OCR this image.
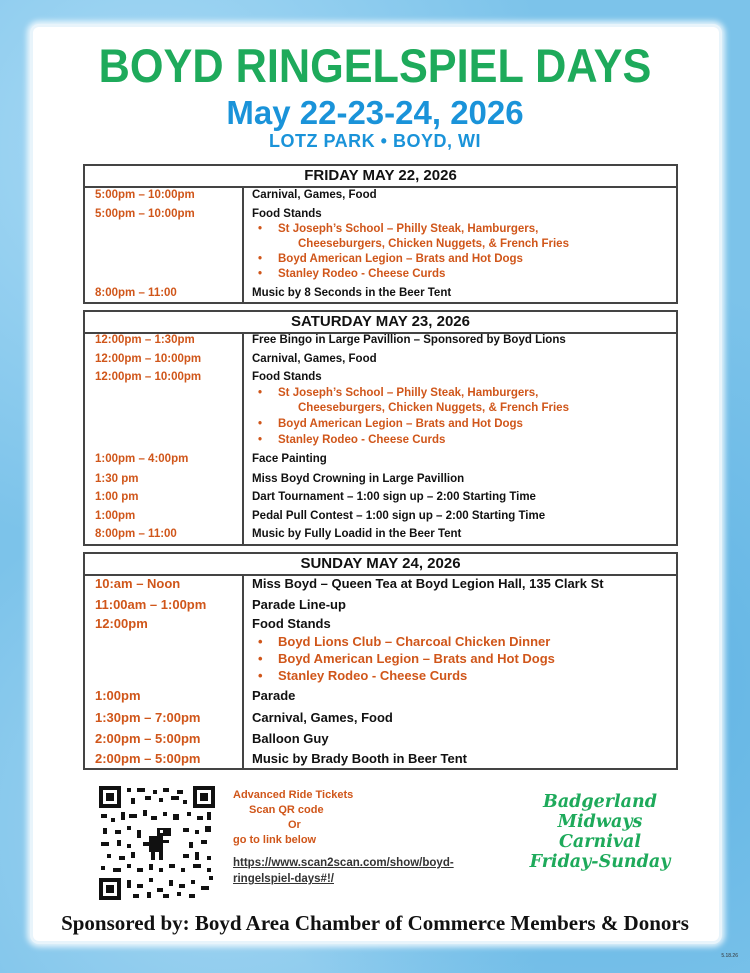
BOYD RINGELSPIEL DAYS
May 22-23-24, 2026
LOTZ PARK • BOYD, WI
FRIDAY MAY 22, 2026
5:00pm – 10:00pm	Carnival, Games, Food
5:00pm – 10:00pm	Food Stands
• St Joseph’s School – Philly Steak, Hamburgers,
Cheeseburgers, Chicken Nuggets, & French Fries
• Boyd American Legion – Brats and Hot Dogs
• Stanley Rodeo - Cheese Curds
8:00pm – 11:00	Music by 8 Seconds in the Beer Tent
SATURDAY MAY 23, 2026
12:00pm – 1:30pm	Free Bingo in Large Pavillion – Sponsored by Boyd Lions
12:00pm – 10:00pm	Carnival, Games, Food
12:00pm – 10:00pm	Food Stands
• St Joseph’s School – Philly Steak, Hamburgers,
Cheeseburgers, Chicken Nuggets, & French Fries
• Boyd American Legion – Brats and Hot Dogs
• Stanley Rodeo - Cheese Curds
1:00pm – 4:00pm	Face Painting
1:30 pm	Miss Boyd Crowning in Large Pavillion
1:00 pm	Dart Tournament – 1:00 sign up – 2:00 Starting Time
1:00pm	Pedal Pull Contest – 1:00 sign up – 2:00 Starting Time
8:00pm – 11:00	Music by Fully Loadid in the Beer Tent
SUNDAY MAY 24, 2026
10:am – Noon	Miss Boyd – Queen Tea at Boyd Legion Hall, 135 Clark St
11:00am – 1:00pm	Parade Line-up
12:00pm	Food Stands
• Boyd Lions Club – Charcoal Chicken Dinner
• Boyd American Legion – Brats and Hot Dogs
• Stanley Rodeo - Cheese Curds
1:00pm	Parade
1:30pm – 7:00pm	Carnival, Games, Food
2:00pm – 5:00pm	Balloon Guy
2:00pm – 5:00pm	Music by Brady Booth in Beer Tent
Advanced Ride Tickets
Scan QR code
Or
go to link below
https://www.scan2scan.com/show/boyd-
ringelspiel-days#!/
Badgerland
Midways
Carnival
Friday-Sunday
Sponsored by: Boyd Area Chamber of Commerce Members & Donors
5.18.26
